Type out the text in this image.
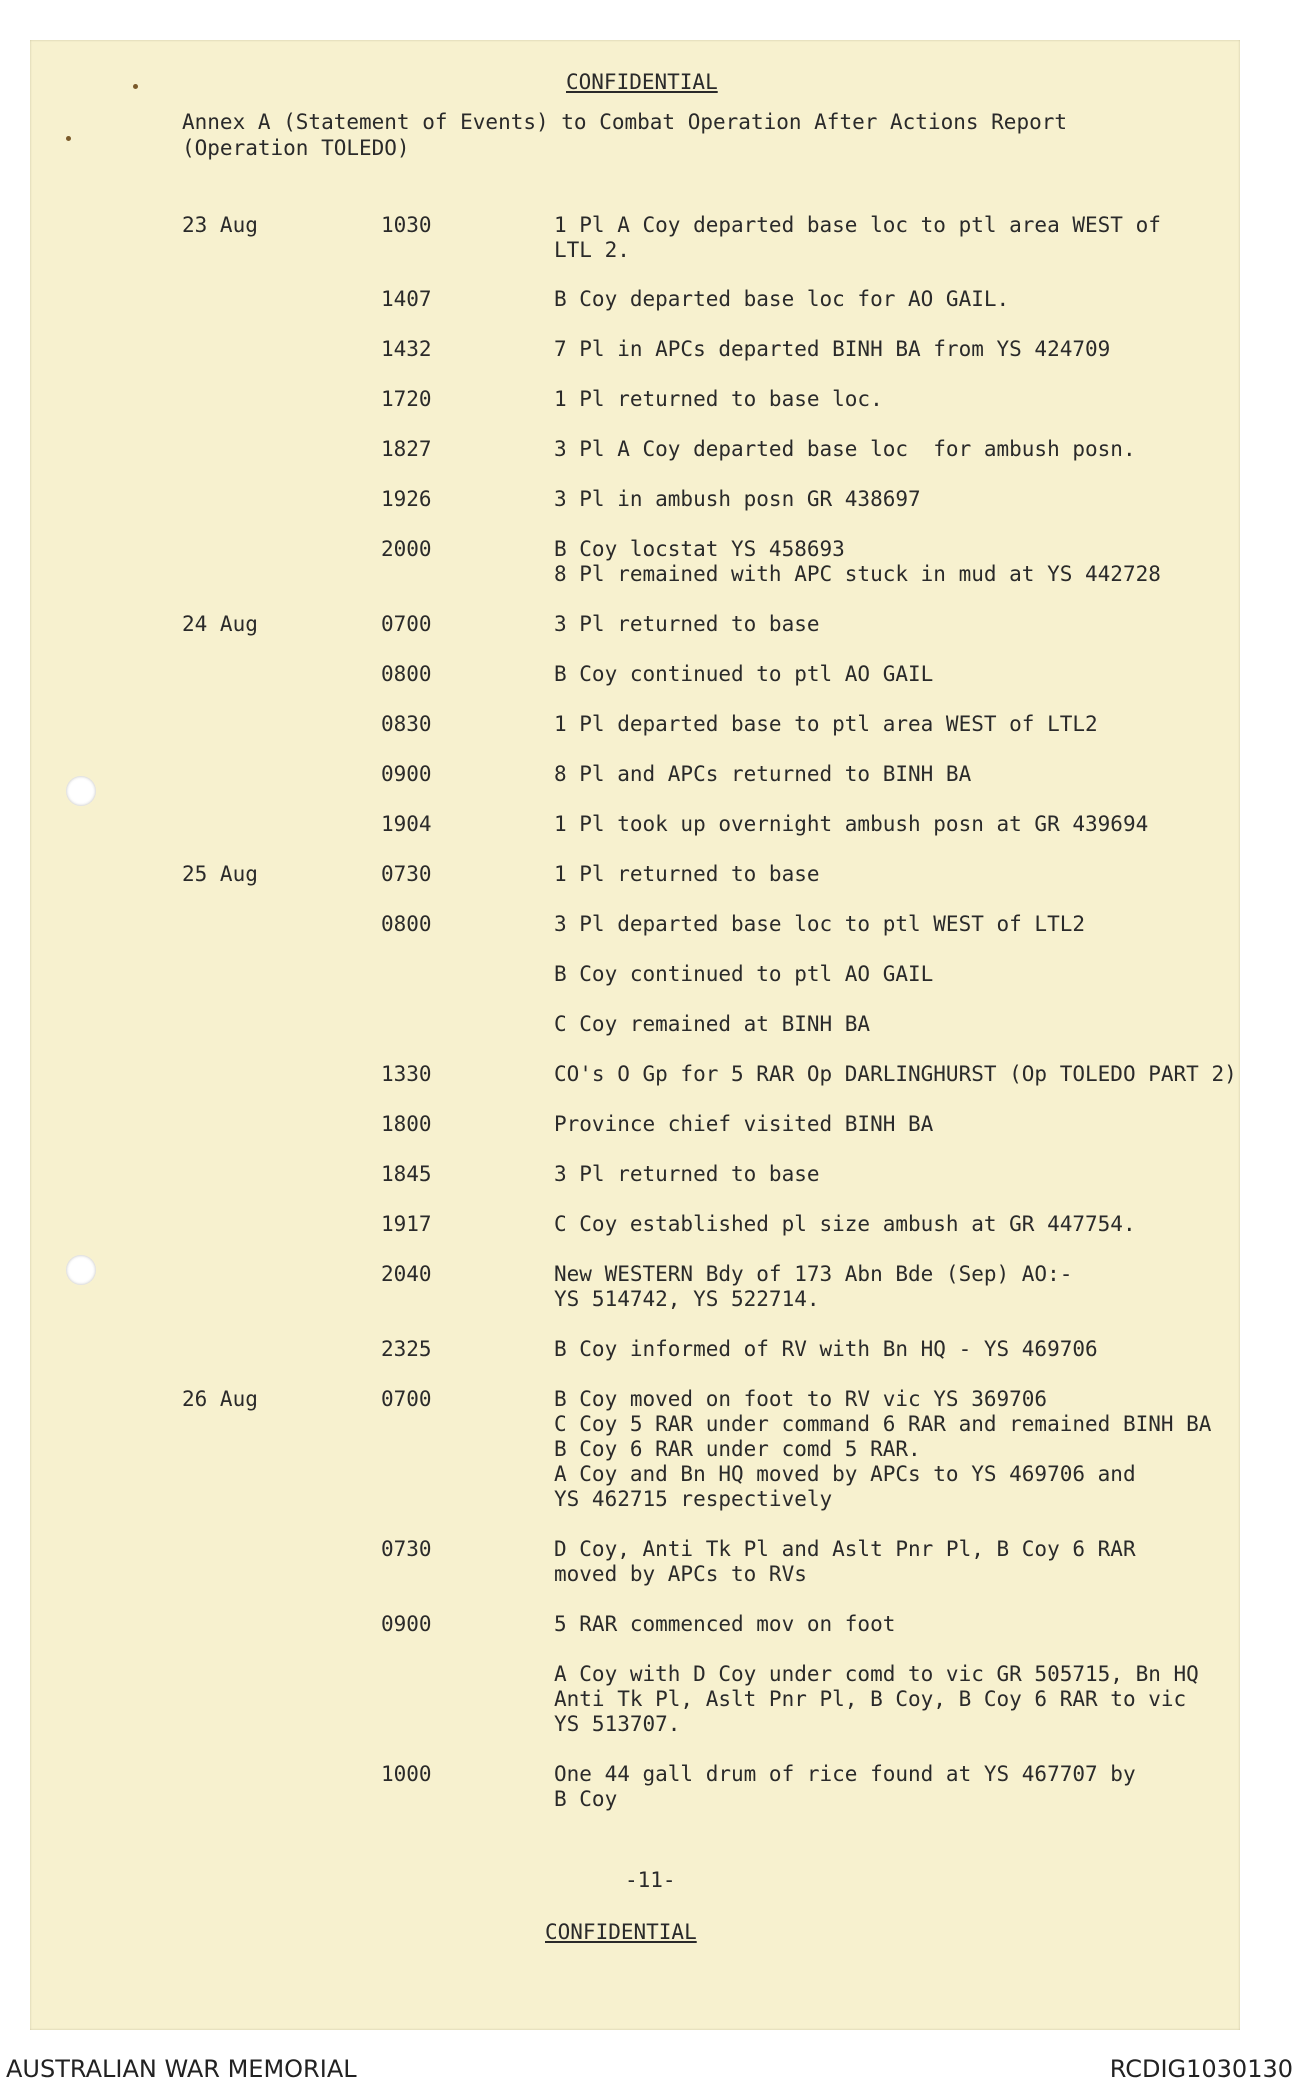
CONFIDENTIAL
Annex A (Statement of Events) to Combat Operation After Actions Report
(Operation TOLEDO)
23 Aug	1030	1 Pl A Coy departed base loc to ptl area WEST of
LTL 2.
1407	B Coy departed base loc for AO GAIL.
1432	7 Pl in APCs departed BINH BA from YS 424709
1720	1 Pl returned to base loc.
1827	3 Pl A Coy departed base loc  for ambush posn.
1926	3 Pl in ambush posn GR 438697
2000	B Coy locstat YS 458693
8 Pl remained with APC stuck in mud at YS 442728
24 Aug	0700	3 Pl returned to base
0800	B Coy continued to ptl AO GAIL
0830	1 Pl departed base to ptl area WEST of LTL2
0900	8 Pl and APCs returned to BINH BA
1904	1 Pl took up overnight ambush posn at GR 439694
25 Aug	0730	1 Pl returned to base
0800	3 Pl departed base loc to ptl WEST of LTL2
B Coy continued to ptl AO GAIL
C Coy remained at BINH BA
1330	CO's O Gp for 5 RAR Op DARLINGHURST (Op TOLEDO PART 2)
1800	Province chief visited BINH BA
1845	3 Pl returned to base
1917	C Coy established pl size ambush at GR 447754.
2040	New WESTERN Bdy of 173 Abn Bde (Sep) AO:-
YS 514742, YS 522714.
2325	B Coy informed of RV with Bn HQ - YS 469706
26 Aug	0700	B Coy moved on foot to RV vic YS 369706
C Coy 5 RAR under command 6 RAR and remained BINH BA
B Coy 6 RAR under comd 5 RAR.
A Coy and Bn HQ moved by APCs to YS 469706 and
YS 462715 respectively
0730	D Coy, Anti Tk Pl and Aslt Pnr Pl, B Coy 6 RAR
moved by APCs to RVs
0900	5 RAR commenced mov on foot
A Coy with D Coy under comd to vic GR 505715, Bn HQ
Anti Tk Pl, Aslt Pnr Pl, B Coy, B Coy 6 RAR to vic
YS 513707.
1000	One 44 gall drum of rice found at YS 467707 by
B Coy
-11-
CONFIDENTIAL
AUSTRALIAN WAR MEMORIAL	RCDIG1030130
